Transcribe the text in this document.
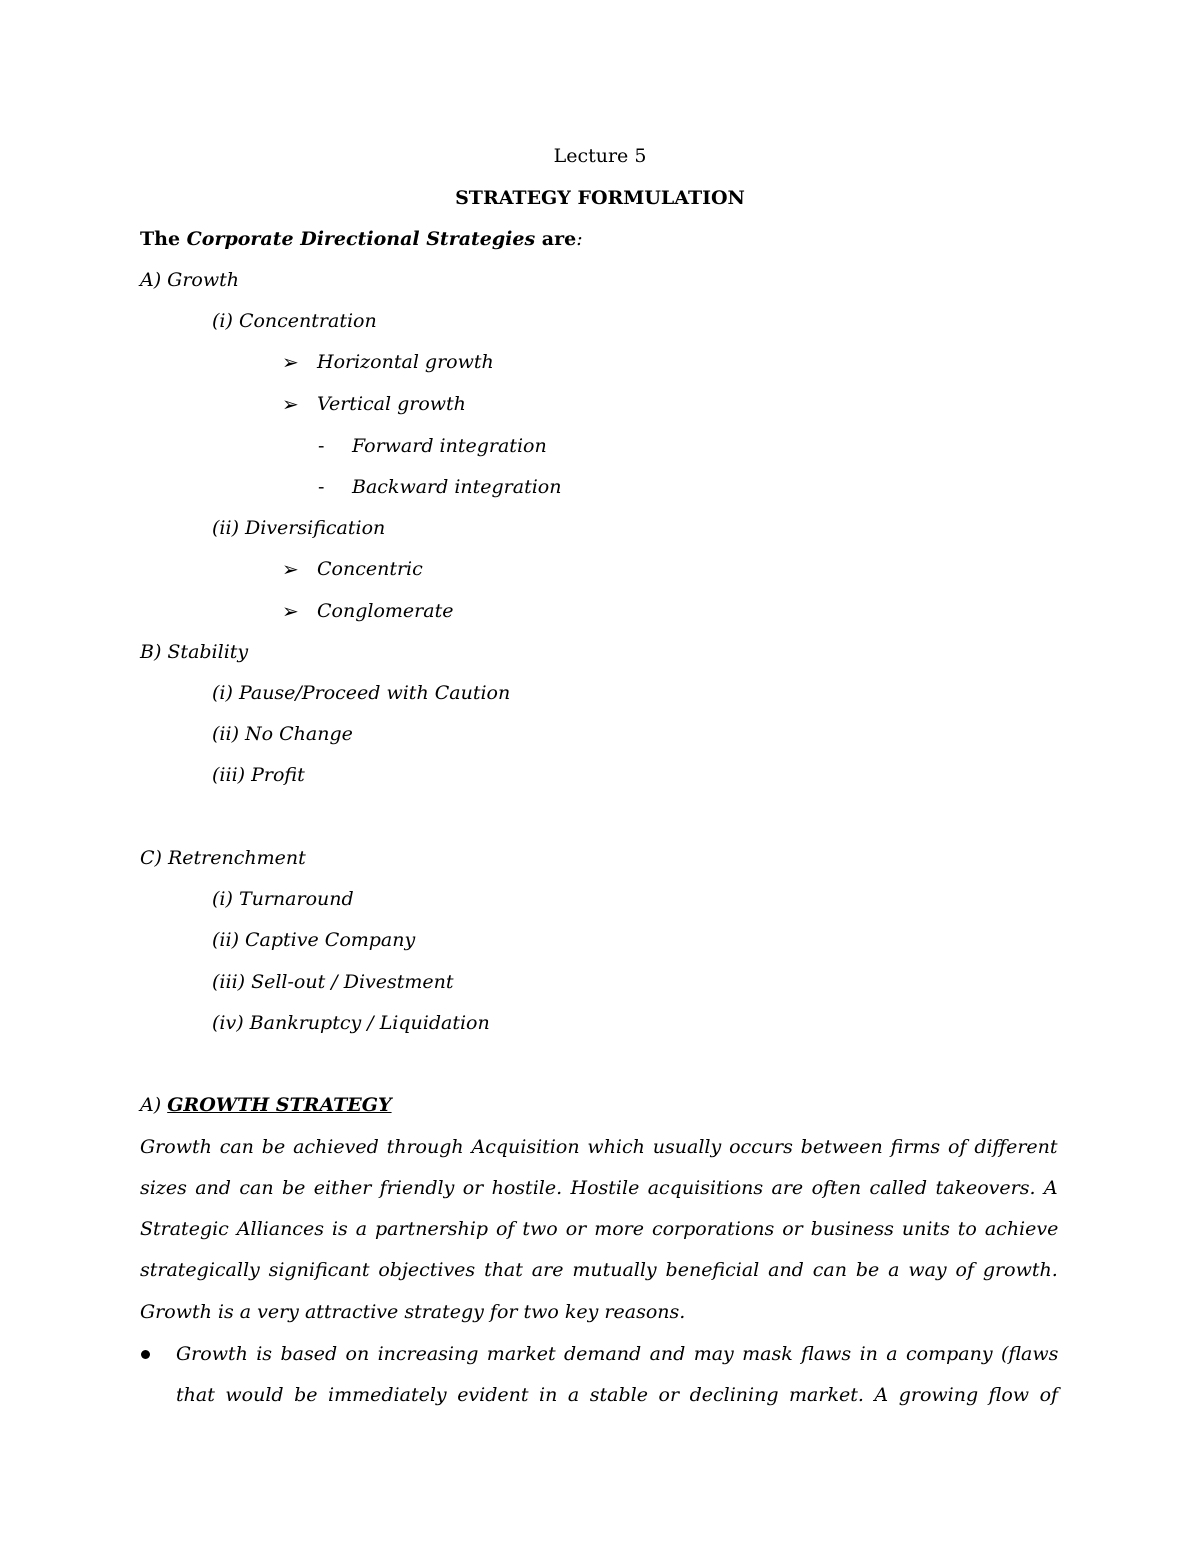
Lecture 5
STRATEGY FORMULATION
The Corporate Directional Strategies are:
A) Growth
(i) Concentration
➢ Horizontal growth
➢ Vertical growth
- Forward integration
- Backward integration
(ii) Diversification
➢ Concentric
➢ Conglomerate
B) Stability
(i) Pause/Proceed with Caution
(ii) No Change
(iii) Profit
C) Retrenchment
(i) Turnaround
(ii) Captive Company
(iii) Sell-out / Divestment
(iv) Bankruptcy / Liquidation
A) GROWTH STRATEGY
Growth can be achieved through Acquisition which usually occurs between firms of different
sizes and can be either friendly or hostile. Hostile acquisitions are often called takeovers. A
Strategic Alliances is a partnership of two or more corporations or business units to achieve
strategically significant objectives that are mutually beneficial and can be a way of growth.
Growth is a very attractive strategy for two key reasons.
Growth is based on increasing market demand and may mask flaws in a company (flaws
that would be immediately evident in a stable or declining market. A growing flow of
